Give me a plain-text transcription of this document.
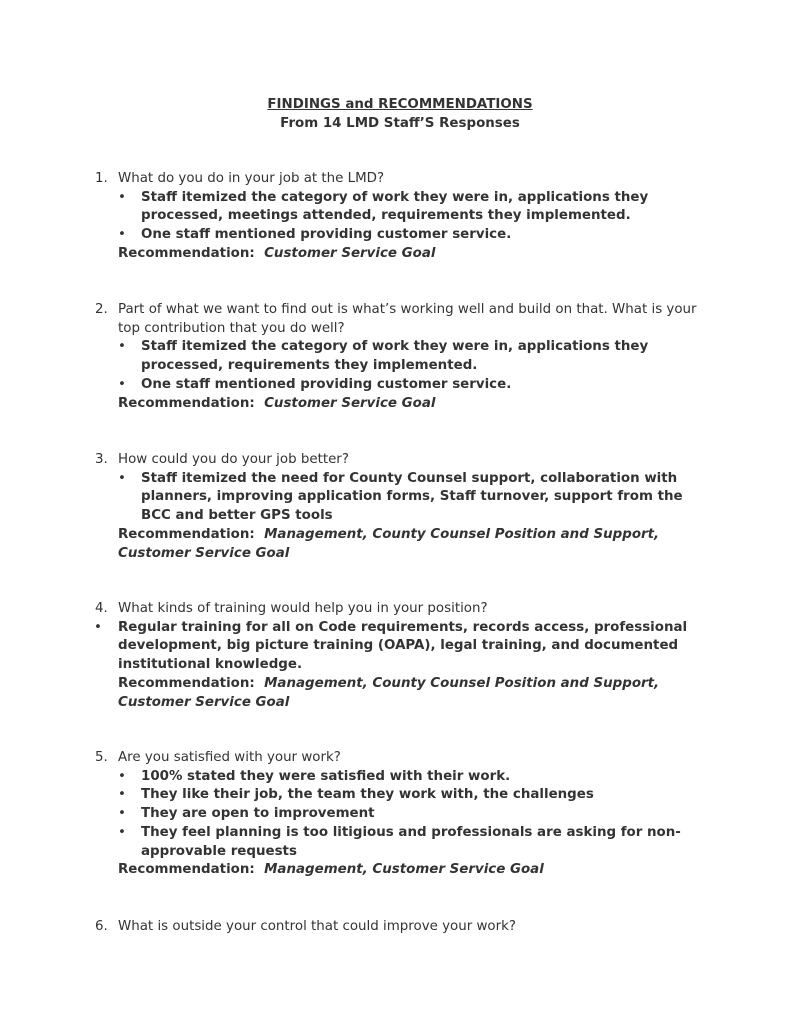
FINDINGS and RECOMMENDATIONS
From 14 LMD Staff’S Responses
1. What do you do in your job at the LMD?
• Staff itemized the category of work they were in, applications they processed, meetings attended, requirements they implemented.
• One staff mentioned providing customer service.
Recommendation: Customer Service Goal
2. Part of what we want to find out is what’s working well and build on that. What is your top contribution that you do well?
• Staff itemized the category of work they were in, applications they processed, requirements they implemented.
• One staff mentioned providing customer service.
Recommendation: Customer Service Goal
3. How could you do your job better?
• Staff itemized the need for County Counsel support, collaboration with planners, improving application forms, Staff turnover, support from the BCC and better GPS tools
Recommendation: Management, County Counsel Position and Support, Customer Service Goal
4. What kinds of training would help you in your position?
• Regular training for all on Code requirements, records access, professional development, big picture training (OAPA), legal training, and documented institutional knowledge.
Recommendation: Management, County Counsel Position and Support, Customer Service Goal
5. Are you satisfied with your work?
• 100% stated they were satisfied with their work.
• They like their job, the team they work with, the challenges
• They are open to improvement
• They feel planning is too litigious and professionals are asking for non-approvable requests
Recommendation: Management, Customer Service Goal
6. What is outside your control that could improve your work?
